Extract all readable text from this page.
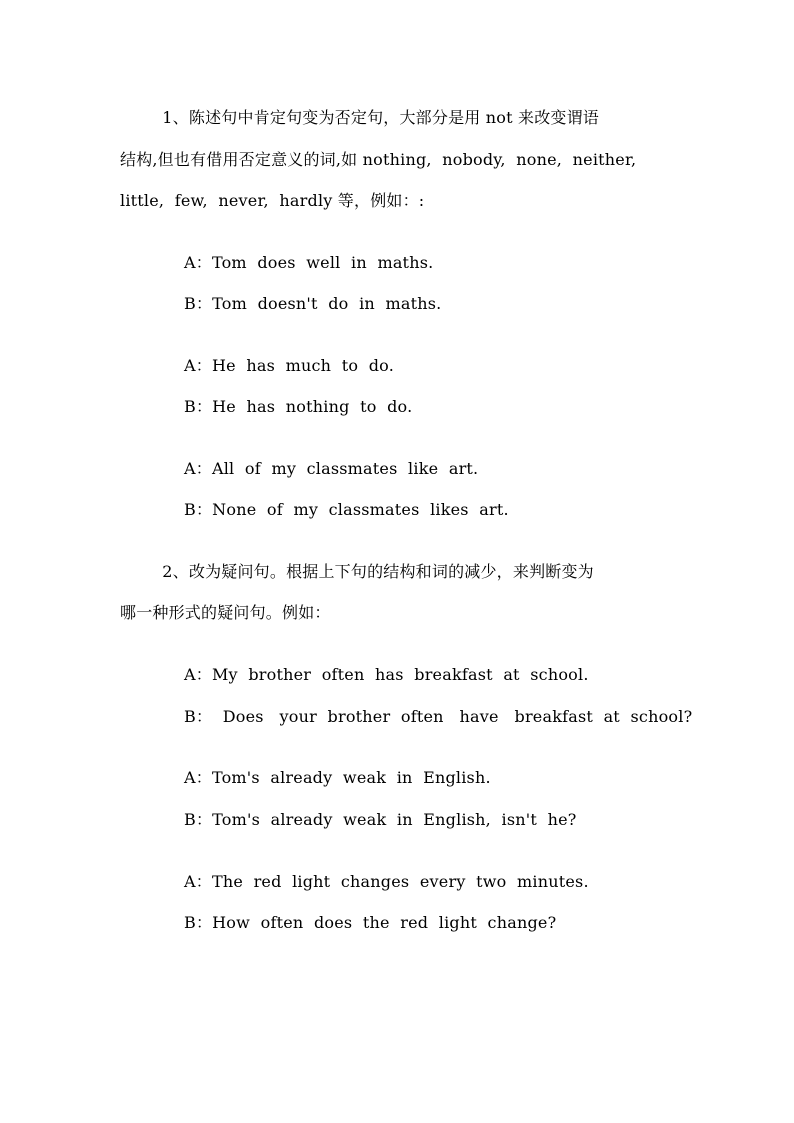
1、陈述句中肯定句变为否定句，大部分是用 not 来改变谓语
结构,但也有借用否定意义的词,如 nothing,  nobody,  none,  neither,
little,  few,  never,  hardly 等，例如：:
A：Tom  does  well  in  maths.
B：Tom  doesn't  do  in  maths.
A：He  has  much  to  do.
B：He  has  nothing  to  do.
A：All  of  my  classmates  like  art.
B：None  of  my  classmates  likes  art.
2、改为疑问句。根据上下句的结构和词的减少，来判断变为
哪一种形式的疑问句。例如：
A：My  brother  often  has  breakfast  at  school.
B：  Does   your  brother  often   have   breakfast  at  school?
A：Tom's  already  weak  in  English.
B：Tom's  already  weak  in  English,  isn't  he?
A：The  red  light  changes  every  two  minutes.
B：How  often  does  the  red  light  change?
